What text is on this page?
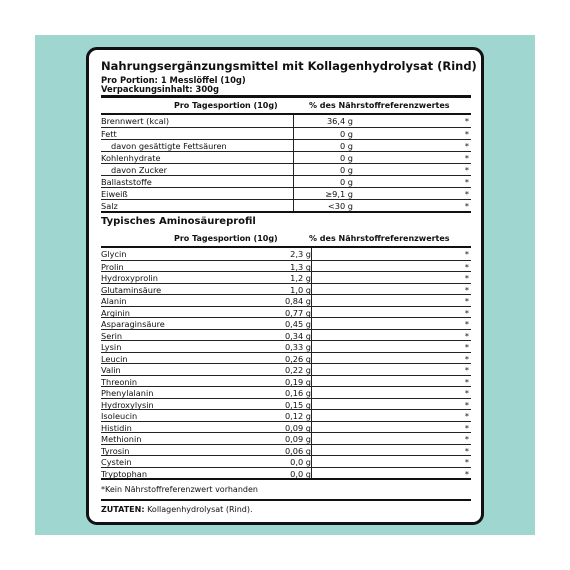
Nahrungsergänzungsmittel mit Kollagenhydrolysat (Rind)
Pro Portion: 1 Messlöffel (10g)
Verpackungsinhalt: 300g
Pro Tagesportion (10g)	% des Nährstoffreferenzwertes
Brennwert (kcal)	36,4 g	*
Fett	0 g	*
davon gesättigte Fettsäuren	0 g	*
Kohlenhydrate	0 g	*
davon Zucker	0 g	*
Ballaststoffe	0 g	*
Eiweiß	≥9,1 g	*
Salz	<30 g	*
Typisches Aminosäureprofil
Pro Tagesportion (10g)	% des Nährstoffreferenzwertes
Glycin	2,3 g	*
Prolin	1,3 g	*
Hydroxyprolin	1,2 g	*
Glutaminsäure	1,0 g	*
Alanin	0,84 g	*
Arginin	0,77 g	*
Asparaginsäure	0,45 g	*
Serin	0,34 g	*
Lysin	0,33 g	*
Leucin	0,26 g	*
Valin	0,22 g	*
Threonin	0,19 g	*
Phenylalanin	0,16 g	*
Hydroxylysin	0,15 g	*
Isoleucin	0,12 g	*
Histidin	0,09 g	*
Methionin	0,09 g	*
Tyrosin	0,06 g	*
Cystein	0,0 g	*
Tryptophan	0,0 g	*
*Kein Nährstoffreferenzwert vorhanden
ZUTATEN: Kollagenhydrolysat (Rind).
